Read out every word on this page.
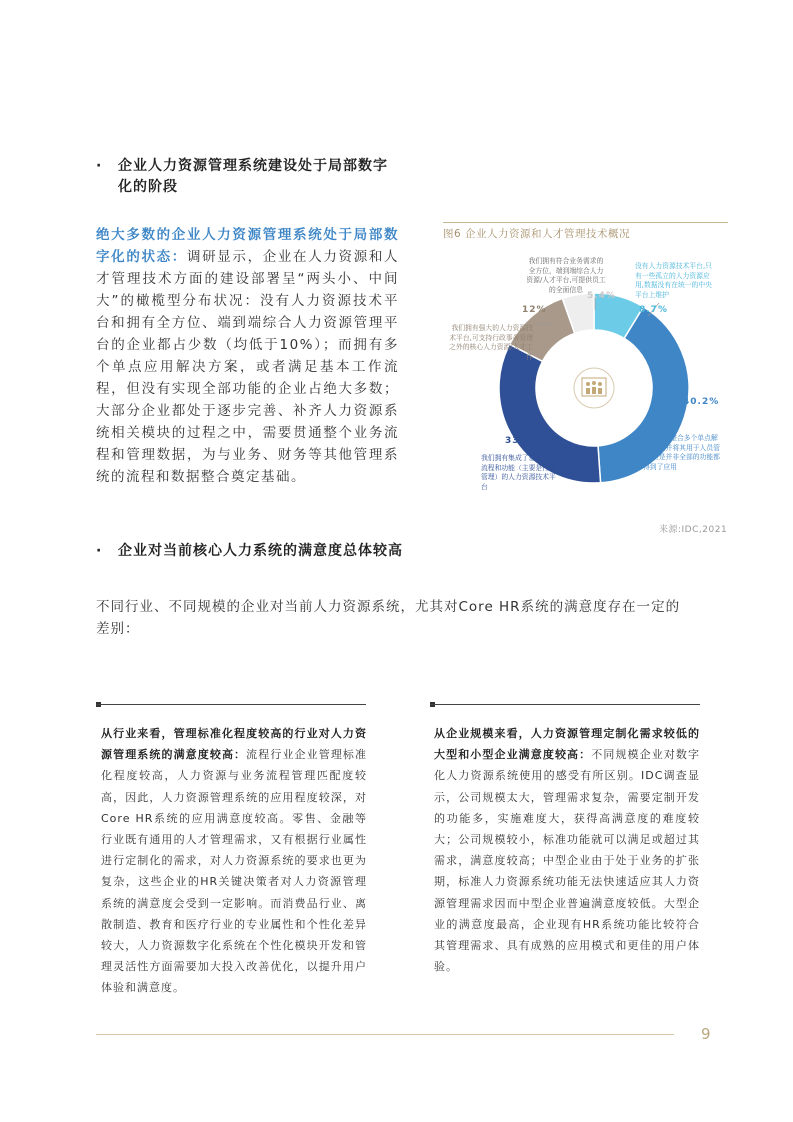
· 企业人力资源管理系统建设处于局部数字
化的阶段
绝大多数的企业人力资源管理系统处于局部数字化的状态：调研显示，企业在人力资源和人才管理技术方面的建设部署呈“两头小、中间大”的橄榄型分布状况：没有人力资源技术平台和拥有全方位、端到端综合人力资源管理平台的企业都占少数（均低于10%）；而拥有多个单点应用解决方案，或者满足基本工作流程，但没有实现全部功能的企业占绝大多数；大部分企业都处于逐步完善、补齐人力资源系统相关模块的过程之中，需要贯通整个业务流程和管理数据，为与业务、财务等其他管理系统的流程和数据整合奠定基础。
图6 企业人力资源和人才管理技术概况
5.4%
8.7%
12%
40.2%
33.7%
我们拥有符合业务需求的全方位，端到端综合人力资源/人才平台,可提供员工的全面信息
没有人力资源技术平台,只有一些孤立的人力资源应用,数据没有在统一的中央平台上维护
我们拥有强大的人力资源技术平台,可支持行政事务管理之外的核心人力资源/人才工作
我们正在整合多个单点解决方案,并将其用于人员管理,但是并非全部的功能都得到了应用
我们拥有集成了基本工作流程和功能（主要是行政管理）的人力资源技术平台
来源:IDC,2021
· 企业对当前核心人力系统的满意度总体较高
不同行业、不同规模的企业对当前人力资源系统，尤其对Core HR系统的满意度存在一定的
差别：
从行业来看，管理标准化程度较高的行业对人力资源管理系统的满意度较高：流程行业企业管理标准化程度较高，人力资源与业务流程管理匹配度较高，因此，人力资源管理系统的应用程度较深，对Core HR系统的应用满意度较高。零售、金融等行业既有通用的人才管理需求，又有根据行业属性进行定制化的需求，对人力资源系统的要求也更为复杂，这些企业的HR关键决策者对人力资源管理系统的满意度会受到一定影响。而消费品行业、离散制造、教育和医疗行业的专业属性和个性化差异较大，人力资源数字化系统在个性化模块开发和管理灵活性方面需要加大投入改善优化，以提升用户体验和满意度。
从企业规模来看，人力资源管理定制化需求较低的大型和小型企业满意度较高：不同规模企业对数字化人力资源系统使用的感受有所区别。IDC调查显示，公司规模太大，管理需求复杂，需要定制开发的功能多，实施难度大，获得高满意度的难度较大；公司规模较小，标准功能就可以满足或超过其需求，满意度较高；中型企业由于处于业务的扩张期，标准人力资源系统功能无法快速适应其人力资源管理需求因而中型企业普遍满意度较低。大型企业的满意度最高，企业现有HR系统功能比较符合其管理需求、具有成熟的应用模式和更佳的用户体验。
9
